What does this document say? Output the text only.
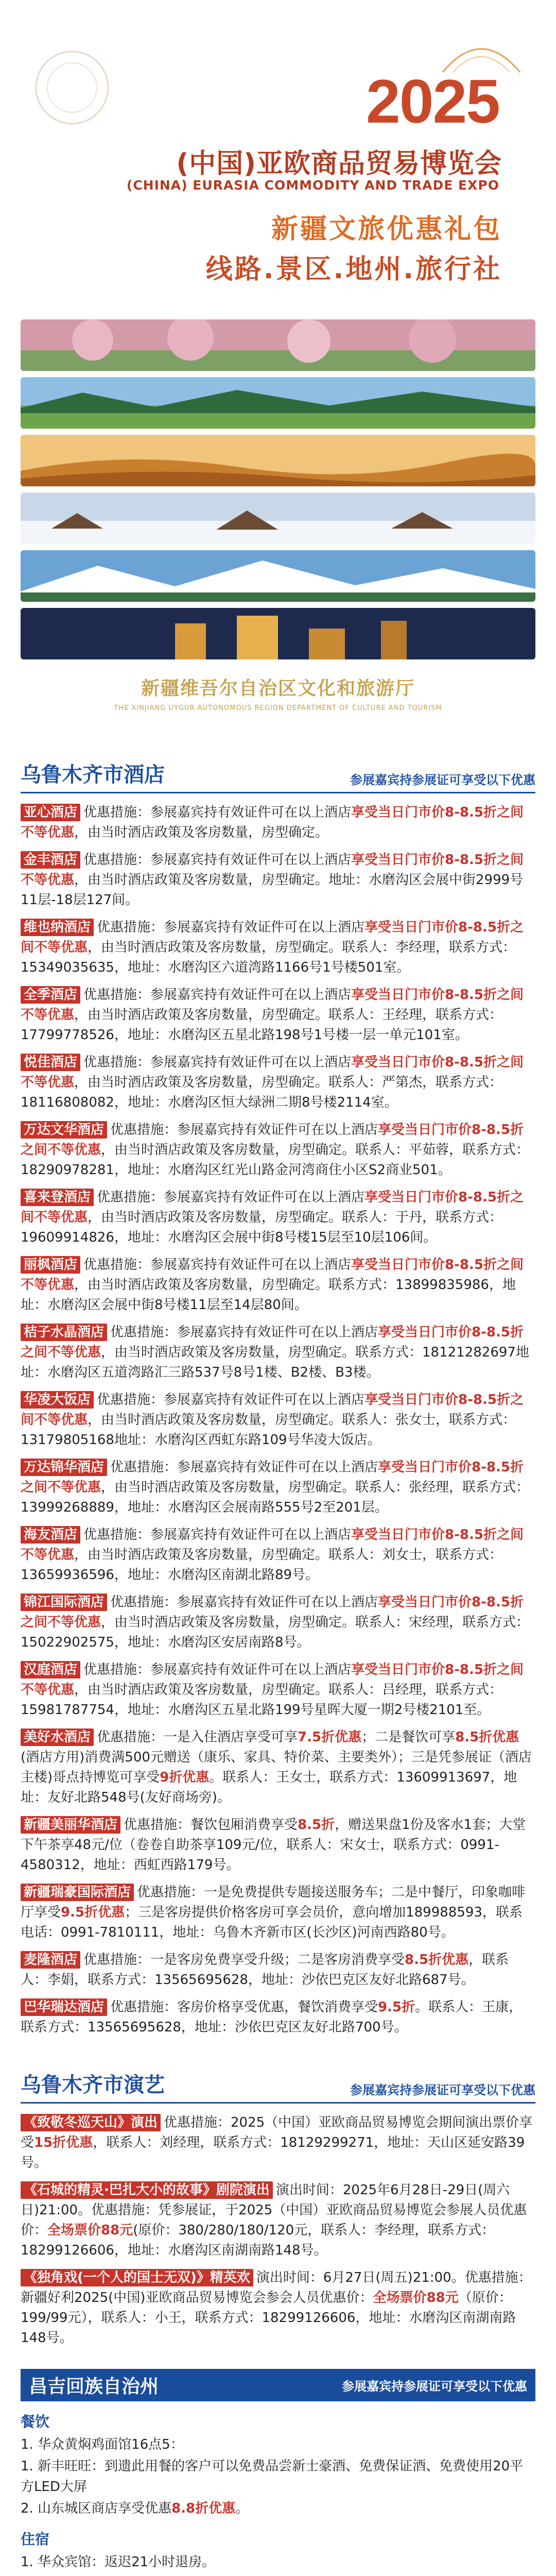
2025
(中国)亚欧商品贸易博览会
(CHINA) EURASIA COMMODITY AND TRADE EXPO
新疆文旅优惠礼包
线路.景区.地州.旅行社
新疆维吾尔自治区文化和旅游厅
THE XINJIANG UYGUR AUTONOMOUS REGION DEPARTMENT OF CULTURE AND TOURISM
乌鲁木齐市酒店	参展嘉宾持参展证可享受以下优惠
亚心酒店 优惠措施：参展嘉宾持有效证件可在以上酒店享受当日门市价8-8.5折之间不等优惠，由当时酒店政策及客房数量，房型确定。
金丰酒店 优惠措施：参展嘉宾持有效证件可在以上酒店享受当日门市价8-8.5折之间不等优惠，由当时酒店政策及客房数量，房型确定。地址：水磨沟区会展中街2999号11层-18层127间。
维也纳酒店 优惠措施：参展嘉宾持有效证件可在以上酒店享受当日门市价8-8.5折之间不等优惠，由当时酒店政策及客房数量，房型确定。联系人：李经理，联系方式：15349035635，地址：水磨沟区六道湾路1166号1号楼501室。
全季酒店 优惠措施：参展嘉宾持有效证件可在以上酒店享受当日门市价8-8.5折之间不等优惠，由当时酒店政策及客房数量，房型确定。联系人：王经理，联系方式：17799778526，地址：水磨沟区五星北路198号1号楼一层一单元101室。
悦佳酒店 优惠措施：参展嘉宾持有效证件可在以上酒店享受当日门市价8-8.5折之间不等优惠，由当时酒店政策及客房数量，房型确定。联系人：严第杰，联系方式：18116808082，地址：水磨沟区恒大绿洲二期8号楼2114室。
万达文华酒店 优惠措施：参展嘉宾持有效证件可在以上酒店享受当日门市价8-8.5折之间不等优惠，由当时酒店政策及客房数量，房型确定。联系人：平茹蓉，联系方式：18290978281，地址：水磨沟区红光山路金河湾商住小区S2商业501。
喜来登酒店 优惠措施：参展嘉宾持有效证件可在以上酒店享受当日门市价8-8.5折之间不等优惠，由当时酒店政策及客房数量，房型确定。联系人：于丹，联系方式：19609914826，地址：水磨沟区会展中街8号楼15层至10层106间。
丽枫酒店 优惠措施：参展嘉宾持有效证件可在以上酒店享受当日门市价8-8.5折之间不等优惠，由当时酒店政策及客房数量，房型确定。联系方式：13899835986，地址：水磨沟区会展中街8号楼11层至14层80间。
桔子水晶酒店 优惠措施：参展嘉宾持有效证件可在以上酒店享受当日门市价8-8.5折之间不等优惠，由当时酒店政策及客房数量，房型确定。联系方式：18121282697地址：水磨沟区五道湾路汇三路537号8号1楼、B2楼、B3楼。
华凌大饭店 优惠措施：参展嘉宾持有效证件可在以上酒店享受当日门市价8-8.5折之间不等优惠，由当时酒店政策及客房数量，房型确定。联系人：张女士，联系方式：13179805168地址：水磨沟区西虹东路109号华凌大饭店。
万达锦华酒店 优惠措施：参展嘉宾持有效证件可在以上酒店享受当日门市价8-8.5折之间不等优惠，由当时酒店政策及客房数量，房型确定。联系人：张经理，联系方式：13999268889，地址：水磨沟区会展南路555号2至201层。
海友酒店 优惠措施：参展嘉宾持有效证件可在以上酒店享受当日门市价8-8.5折之间不等优惠，由当时酒店政策及客房数量，房型确定。联系人：刘女士，联系方式：13659936596，地址：水磨沟区南湖北路89号。
锦江国际酒店 优惠措施：参展嘉宾持有效证件可在以上酒店享受当日门市价8-8.5折之间不等优惠，由当时酒店政策及客房数量，房型确定。联系人：宋经理，联系方式：15022902575，地址：水磨沟区安居南路8号。
汉庭酒店 优惠措施：参展嘉宾持有效证件可在以上酒店享受当日门市价8-8.5折之间不等优惠，由当时酒店政策及客房数量，房型确定。联系人：吕经理，联系方式：15981787754，地址：水磨沟区五星北路199号星晖大厦一期2号楼2101至。
美好水酒店 优惠措施：一是入住酒店享受可享7.5折优惠；二是餐饮可享8.5折优惠(酒店方用)消费满500元赠送（康乐、家具、特价菜、主要类外）；三是凭参展证（酒店主楼)哥点持博览可享受9折优惠。联系人：王女士，联系方式：13609913697，地址：友好北路548号(友好商场旁)。
新疆美丽华酒店 优惠措施：餐饮包厢消费享受8.5折，赠送果盘1份及客水1套；大堂下午茶享48元/位（卷卷自助茶享109元/位，联系人：宋女士，联系方式：0991-4580312，地址：西虹西路179号。
新疆瑞豪国际酒店 优惠措施：一是免费提供专题接送服务车；二是中餐厅，印象咖啡厅享受9.5折优惠；三是客房提供价格客房可享会员价，意向增加189988593，联系电话：0991-7810111，地址：乌鲁木齐新市区(长沙区)河南西路80号。
麦隆酒店 优惠措施：一是客房免费享受升级；二是客房消费享受8.5折优惠，联系人：李娟，联系方式：13565695628，地址：沙依巴克区友好北路687号。
巴华瑞达酒店 优惠措施：客房价格享受优惠，餐饮消费享受9.5折。联系人：王康，联系方式：13565695628，地址：沙依巴克区友好北路700号。
乌鲁木齐市演艺	参展嘉宾持参展证可享受以下优惠
《致敬冬巡天山》演出 优惠措施：2025（中国）亚欧商品贸易博览会期间演出票价享受15折优惠，联系人：刘经理，联系方式：18129299271，地址：天山区延安路39号。
《石城的精灵·巴扎大小的故事》剧院演出 演出时间：2025年6月28日-29日(周六日)21:00。优惠措施：凭参展证，于2025（中国）亚欧商品贸易博览会参展人员优惠价：全场票价88元(原价：380/280/180/120元，联系人：李经理，联系方式：18299126606，地址：水磨沟区南湖南路148号。
《独角戏(一个人的国士无双)》精英欢 演出时间：6月27日(周五)21:00。优惠措施：新疆好利2025(中国)亚欧商品贸易博览会参会人员优惠价：全场票价88元（原价：199/99元），联系人：小王，联系方式：18299126606，地址：水磨沟区南湖南路148号。
昌吉回族自治州	参展嘉宾持参展证可享受以下优惠
餐饮
1. 华众黄焖鸡面馆16点5：
1. 新丰旺旺：到遗此用餐的客户可以免费品尝新士豪酒、免费保证酒、免费使用20平方LED大屏
2. 山东城区商店享受优惠8.8折优惠。
住宿
1. 华众宾馆：返迟21小时退房。
